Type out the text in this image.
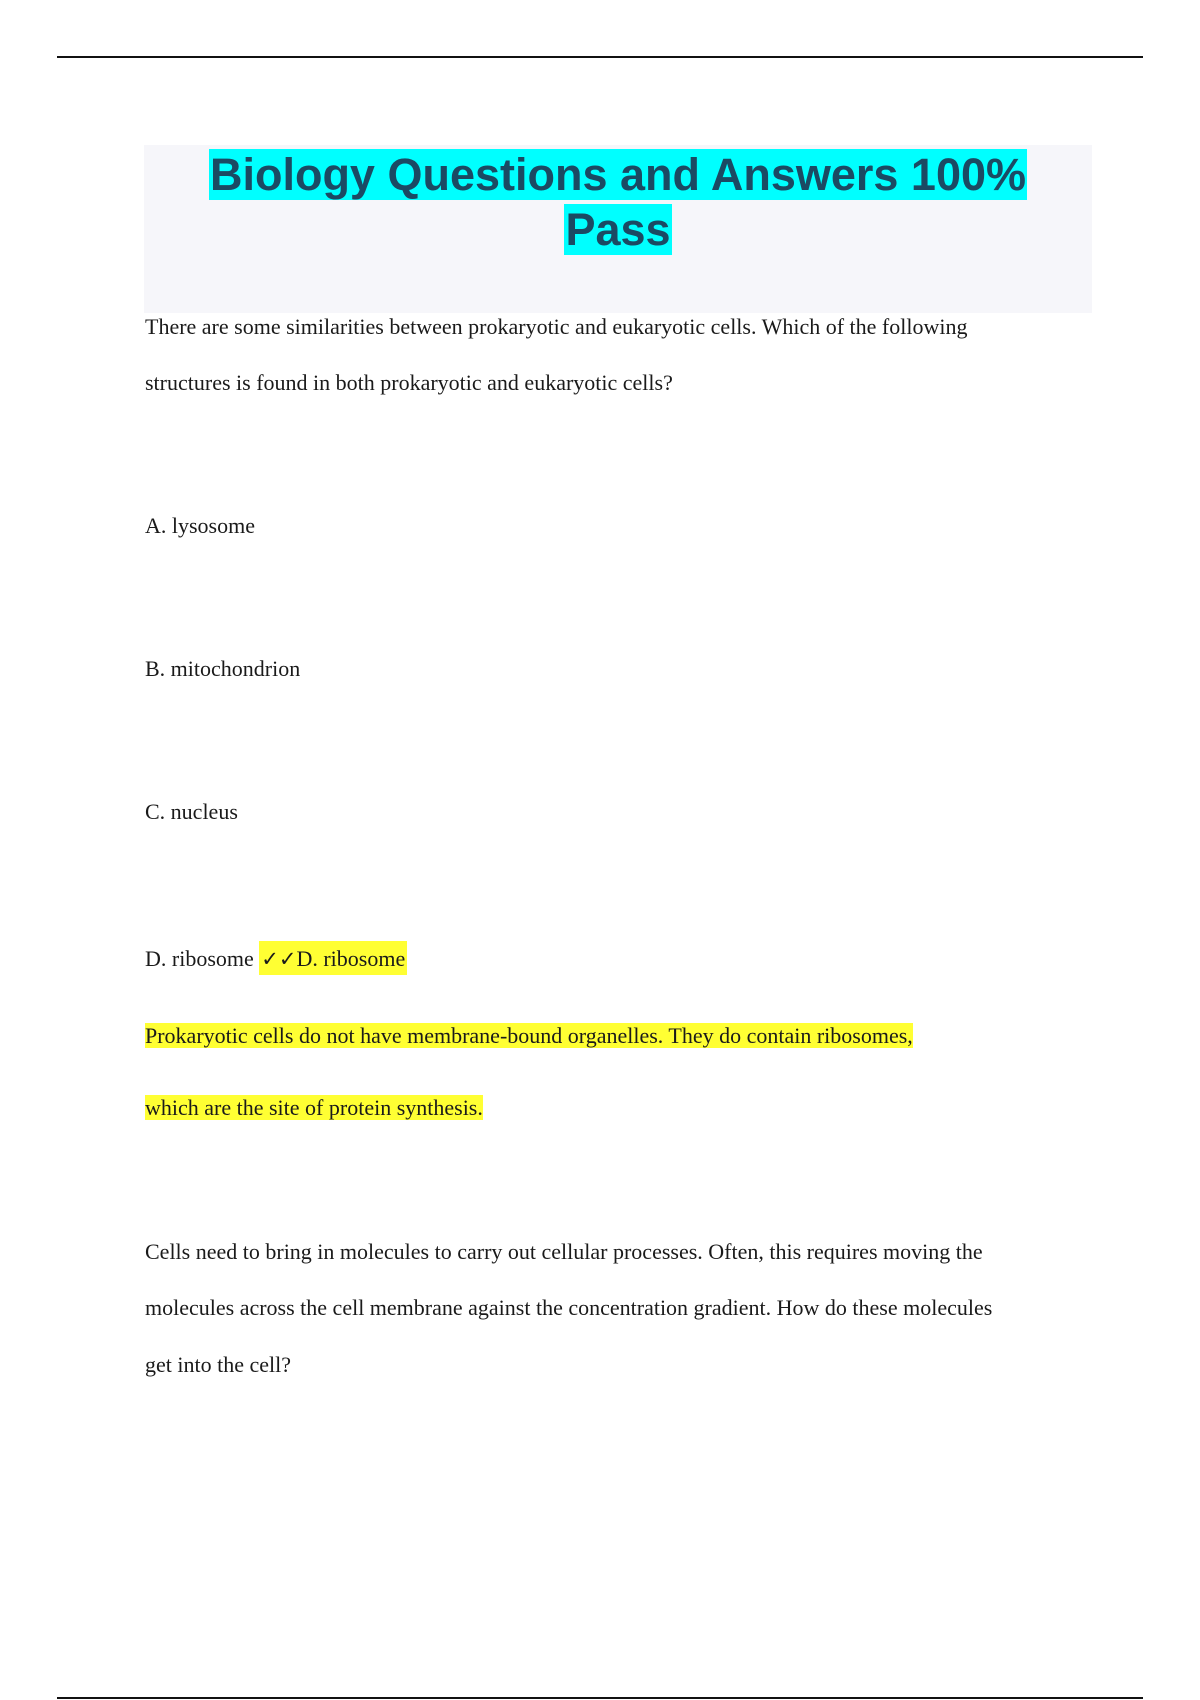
Biology Questions and Answers 100%
Pass

There are some similarities between prokaryotic and eukaryotic cells. Which of the following

structures is found in both prokaryotic and eukaryotic cells?

A. lysosome

B. mitochondrion

C. nucleus

D. ribosome ✓✓D. ribosome

Prokaryotic cells do not have membrane-bound organelles. They do contain ribosomes,

which are the site of protein synthesis.

Cells need to bring in molecules to carry out cellular processes. Often, this requires moving the

molecules across the cell membrane against the concentration gradient. How do these molecules

get into the cell?
